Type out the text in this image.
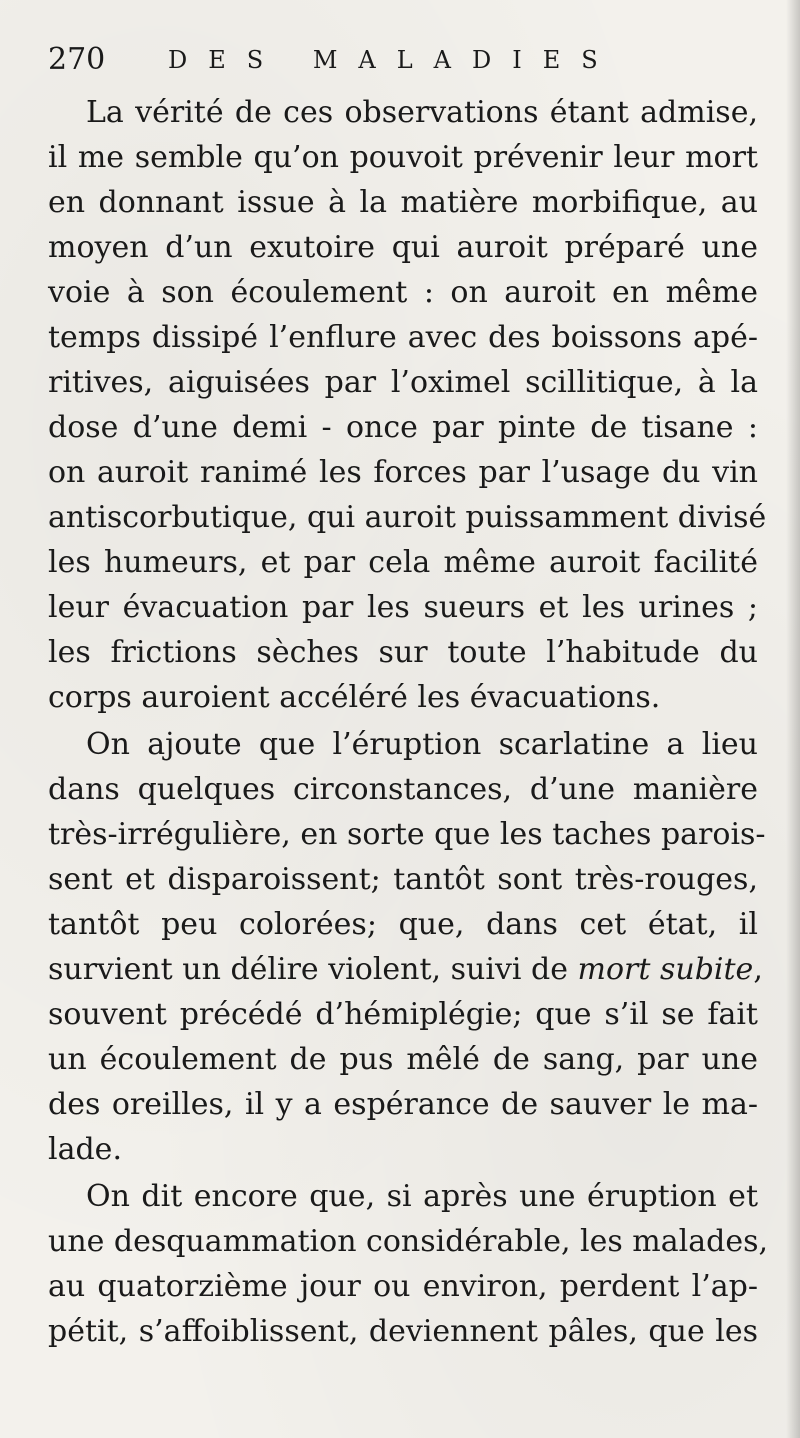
270	DES MALADIES
La vérité de ces observations étant admise,
il me semble qu’on pouvoit prévenir leur mort
en donnant issue à la matière morbifique, au
moyen d’un exutoire qui auroit préparé une
voie à son écoulement : on auroit en même
temps dissipé l’enflure avec des boissons apé-
ritives, aiguisées par l’oximel scillitique, à la
dose d’une demi - once par pinte de tisane :
on auroit ranimé les forces par l’usage du vin
antiscorbutique, qui auroit puissamment divisé
les humeurs, et par cela même auroit facilité
leur évacuation par les sueurs et les urines ;
les frictions sèches sur toute l’habitude du
corps auroient accéléré les évacuations.
On ajoute que l’éruption scarlatine a lieu
dans quelques circonstances, d’une manière
très-irrégulière, en sorte que les taches parois-
sent et disparoissent; tantôt sont très-rouges,
tantôt peu colorées; que, dans cet état, il
survient un délire violent, suivi de mort subite,
souvent précédé d’hémiplégie; que s’il se fait
un écoulement de pus mêlé de sang, par une
des oreilles, il y a espérance de sauver le ma-
lade.
On dit encore que, si après une éruption et
une desquammation considérable, les malades,
au quatorzième jour ou environ, perdent l’ap-
pétit, s’affoiblissent, deviennent pâles, que les
